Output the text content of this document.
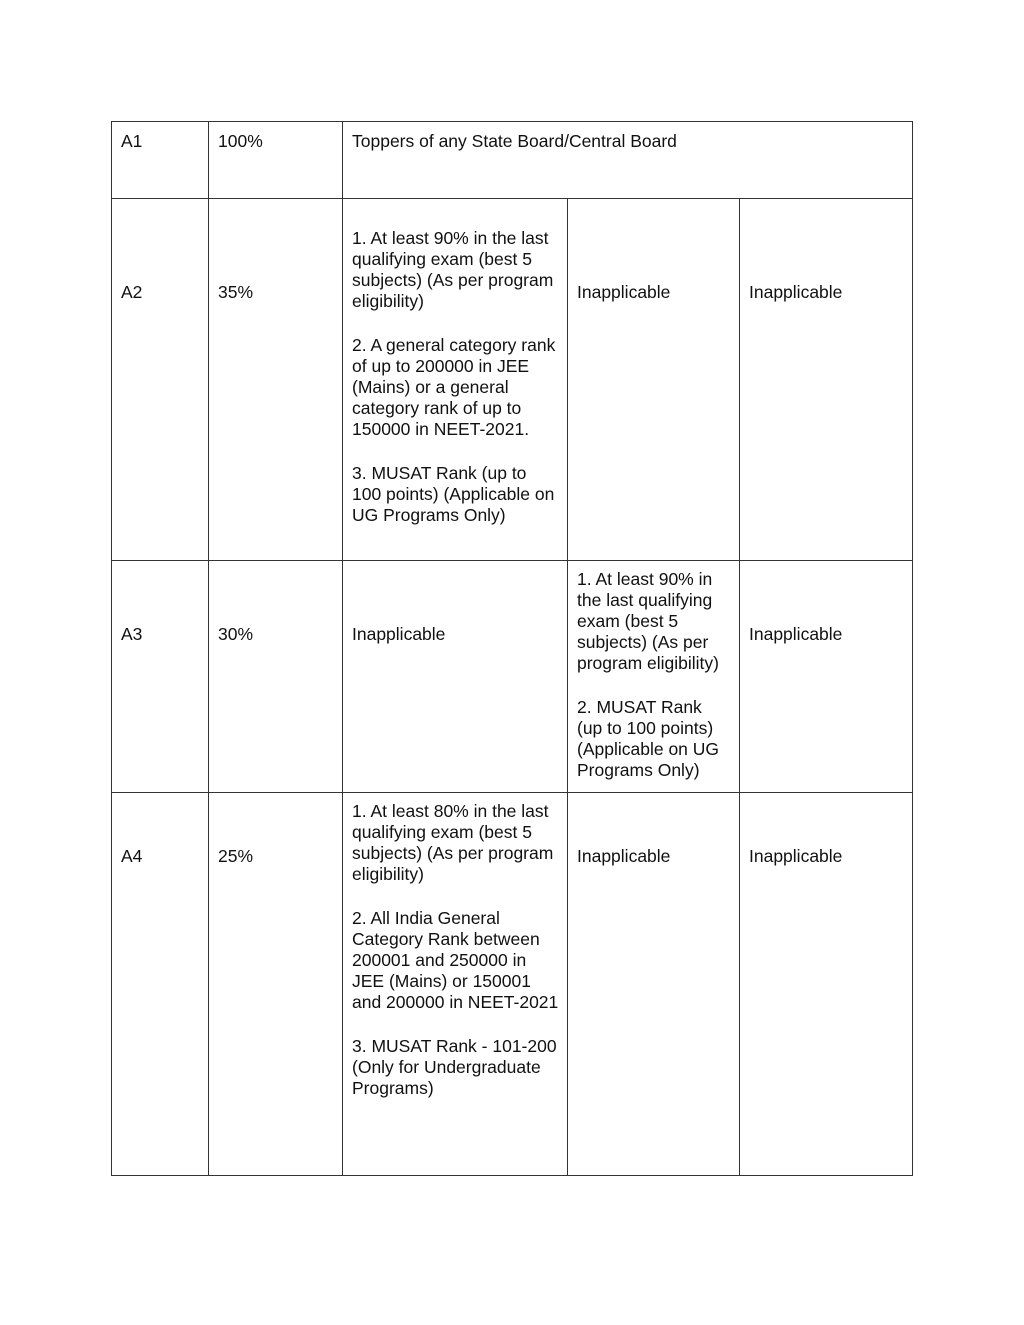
A1	100%	Toppers of any State Board/Central Board		

A2	35%	1. At least 90% in the last qualifying exam (best 5 subjects) (As per program eligibility)

2. A general category rank of up to 200000 in JEE (Mains) or a general category rank of up to 150000 in NEET-2021.

3. MUSAT Rank (up to 100 points) (Applicable on UG Programs Only)	Inapplicable	Inapplicable

A3	30%	Inapplicable	1. At least 90% in the last qualifying exam (best 5 subjects) (As per program eligibility)

2. MUSAT Rank (up to 100 points) (Applicable on UG Programs Only)	Inapplicable

A4	25%	1. At least 80% in the last qualifying exam (best 5 subjects) (As per program eligibility)

2. All India General Category Rank between 200001 and 250000 in JEE (Mains) or 150001 and 200000 in NEET-2021

3. MUSAT Rank - 101-200 (Only for Undergraduate Programs)	Inapplicable	Inapplicable
